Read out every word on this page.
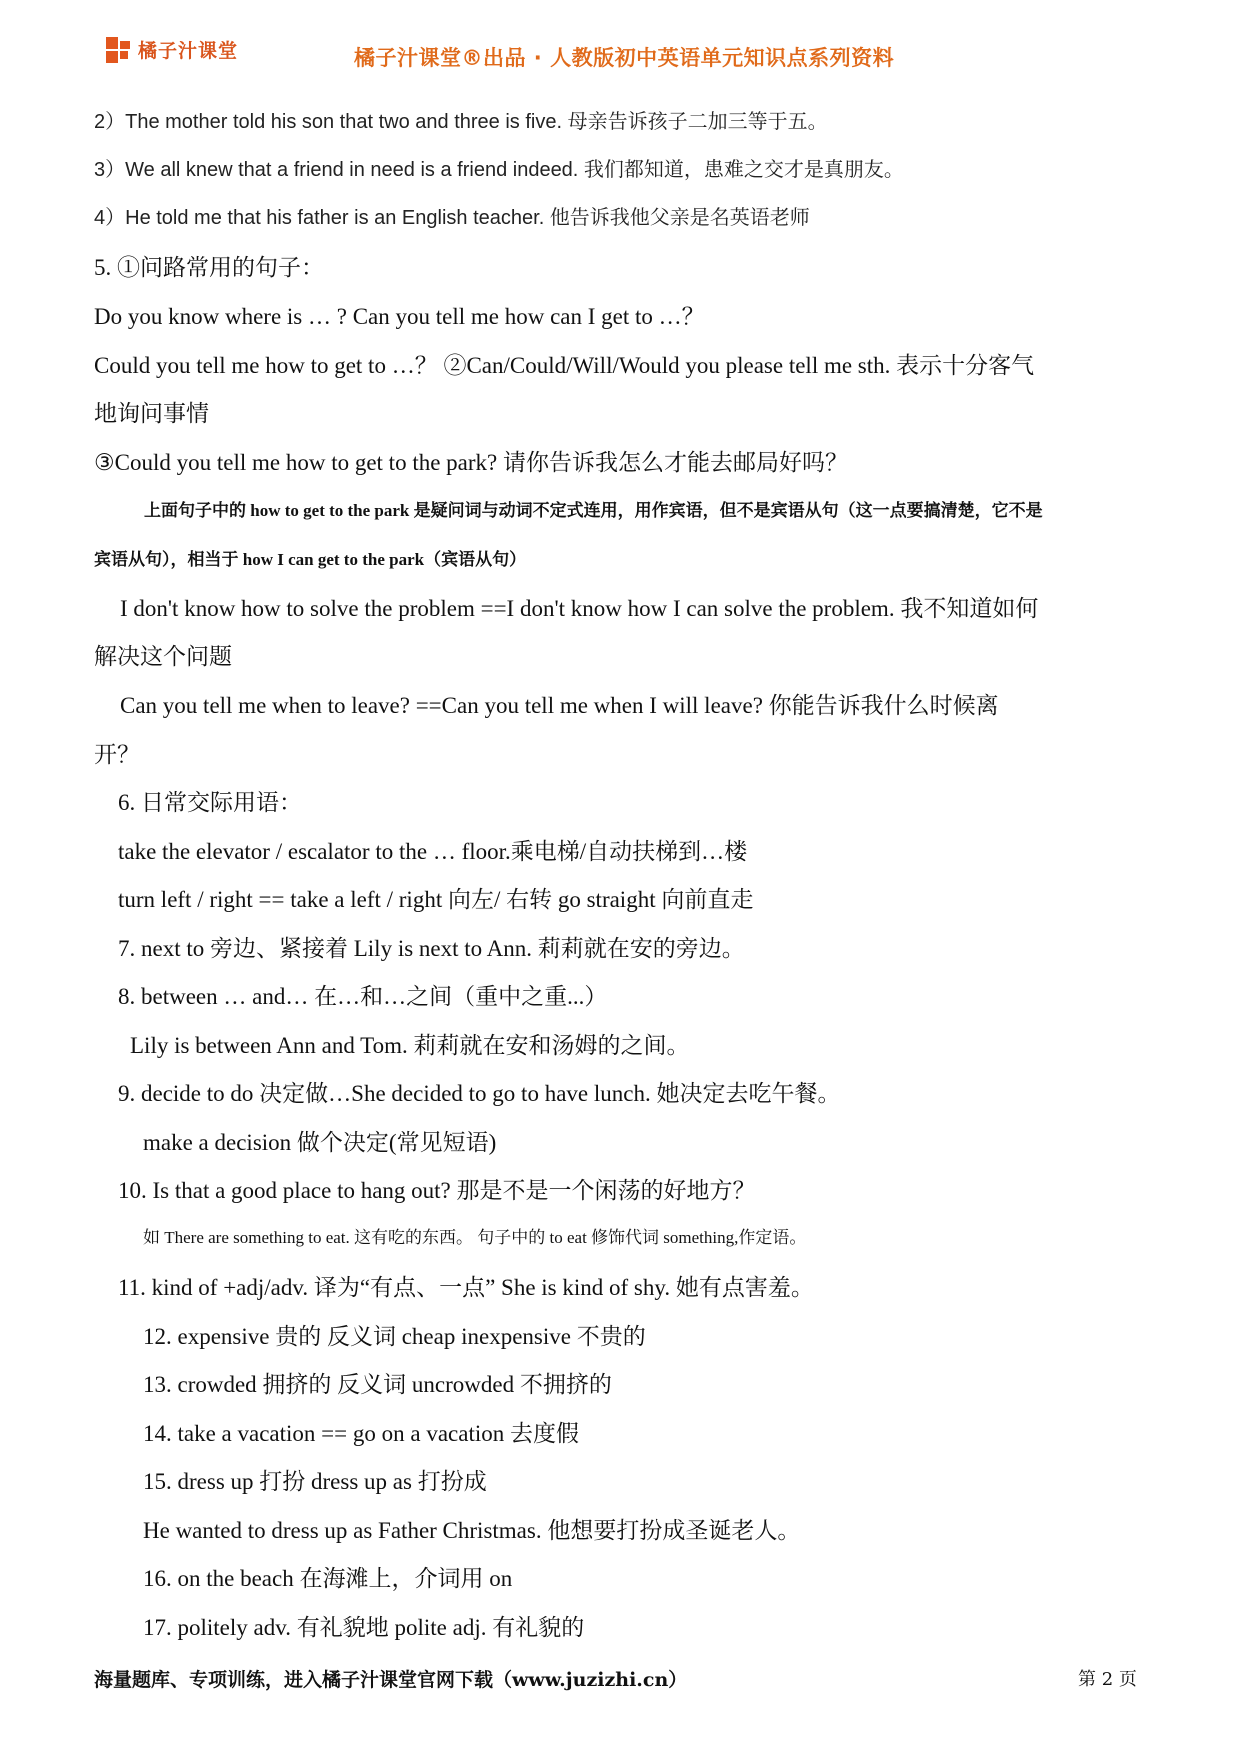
橘子汁课堂	橘子汁课堂®出品 · 人教版初中英语单元知识点系列资料
2）The mother told his son that two and three is five. 母亲告诉孩子二加三等于五。
3）We all knew that a friend in need is a friend indeed. 我们都知道，患难之交才是真朋友。
4）He told me that his father is an English teacher. 他告诉我他父亲是名英语老师
5. ①问路常用的句子：
Do you know where is … ? Can you tell me how can I get to …？
Could you tell me how to get to …？ ②Can/Could/Will/Would you please tell me sth. 表示十分客气
地询问事情
③Could you tell me how to get to the park? 请你告诉我怎么才能去邮局好吗？
上面句子中的 how to get to the park 是疑问词与动词不定式连用，用作宾语，但不是宾语从句（这一点要搞清楚，它不是
宾语从句），相当于 how I can get to the park（宾语从句）
I don't know how to solve the problem ==I don't know how I can solve the problem. 我不知道如何
解决这个问题
Can you tell me when to leave? ==Can you tell me when I will leave? 你能告诉我什么时候离
开？
6. 日常交际用语：
take the elevator / escalator to the … floor.乘电梯/自动扶梯到…楼
turn left / right == take a left / right 向左/ 右转 go straight 向前直走
7. next to 旁边、紧接着 Lily is next to Ann. 莉莉就在安的旁边。
8. between … and… 在…和…之间（重中之重...）
Lily is between Ann and Tom. 莉莉就在安和汤姆的之间。
9. decide to do 决定做…She decided to go to have lunch. 她决定去吃午餐。
make a decision 做个决定(常见短语)
10. Is that a good place to hang out? 那是不是一个闲荡的好地方？
如 There are something to eat. 这有吃的东西。 句子中的 to eat 修饰代词 something,作定语。
11. kind of +adj/adv. 译为“有点、一点” She is kind of shy. 她有点害羞。
12. expensive 贵的 反义词 cheap inexpensive 不贵的
13. crowded 拥挤的 反义词 uncrowded 不拥挤的
14. take a vacation == go on a vacation 去度假
15. dress up 打扮 dress up as 打扮成
He wanted to dress up as Father Christmas. 他想要打扮成圣诞老人。
16. on the beach 在海滩上，介词用 on
17. politely adv. 有礼貌地 polite adj. 有礼貌的
海量题库、专项训练，进入橘子汁课堂官网下载（www.juzizhi.cn）	第 2 页
